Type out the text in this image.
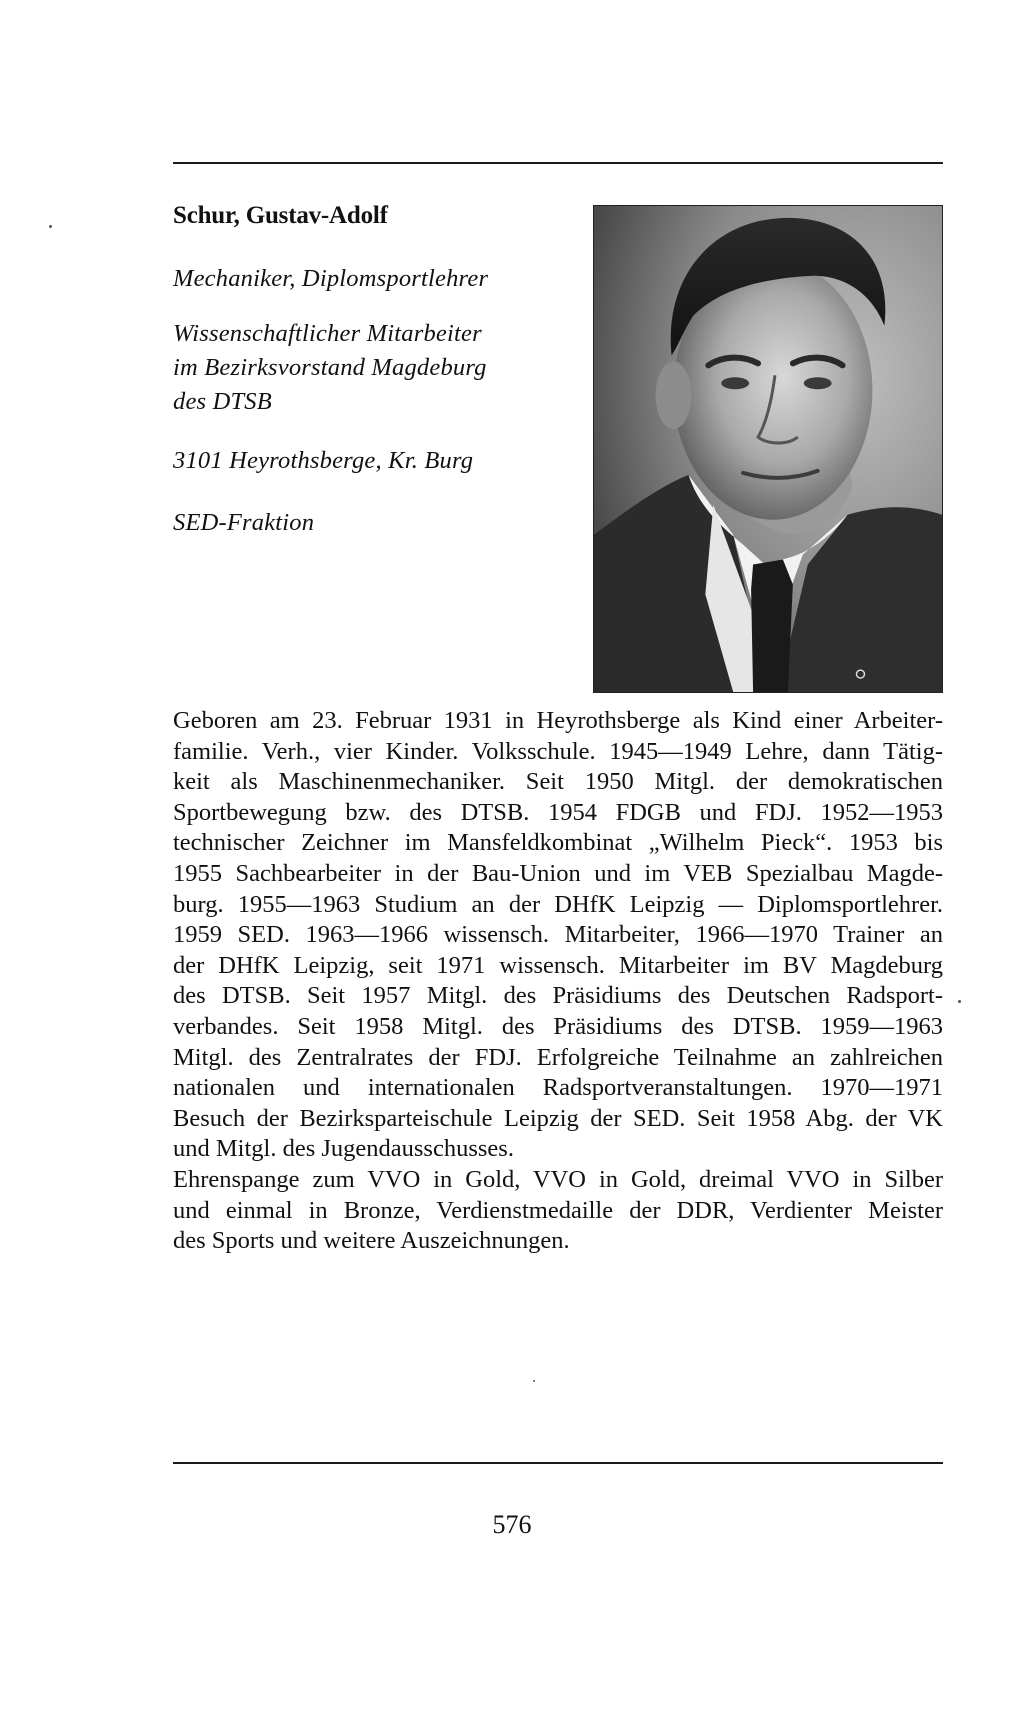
Schur, Gustav-Adolf
Mechaniker, Diplomsportlehrer
Wissenschaftlicher Mitarbeiter
im Bezirksvorstand Magdeburg
des DTSB
3101 Heyrothsberge, Kr. Burg
SED-Fraktion
Geboren am 23. Februar 1931 in Heyrothsberge als Kind einer Arbeiter-
familie. Verh., vier Kinder. Volksschule. 1945—1949 Lehre, dann Tätig-
keit als Maschinenmechaniker. Seit 1950 Mitgl. der demokratischen
Sportbewegung bzw. des DTSB. 1954 FDGB und FDJ. 1952—1953
technischer Zeichner im Mansfeldkombinat „Wilhelm Pieck“. 1953 bis
1955 Sachbearbeiter in der Bau-Union und im VEB Spezialbau Magde-
burg. 1955—1963 Studium an der DHfK Leipzig — Diplomsportlehrer.
1959 SED. 1963—1966 wissensch. Mitarbeiter, 1966—1970 Trainer an
der DHfK Leipzig, seit 1971 wissensch. Mitarbeiter im BV Magdeburg
des DTSB. Seit 1957 Mitgl. des Präsidiums des Deutschen Radsport-
verbandes. Seit 1958 Mitgl. des Präsidiums des DTSB. 1959—1963
Mitgl. des Zentralrates der FDJ. Erfolgreiche Teilnahme an zahlreichen
nationalen und internationalen Radsportveranstaltungen. 1970—1971
Besuch der Bezirksparteischule Leipzig der SED. Seit 1958 Abg. der VK
und Mitgl. des Jugendausschusses.
Ehrenspange zum VVO in Gold, VVO in Gold, dreimal VVO in Silber
und einmal in Bronze, Verdienstmedaille der DDR, Verdienter Meister
des Sports und weitere Auszeichnungen.
576
